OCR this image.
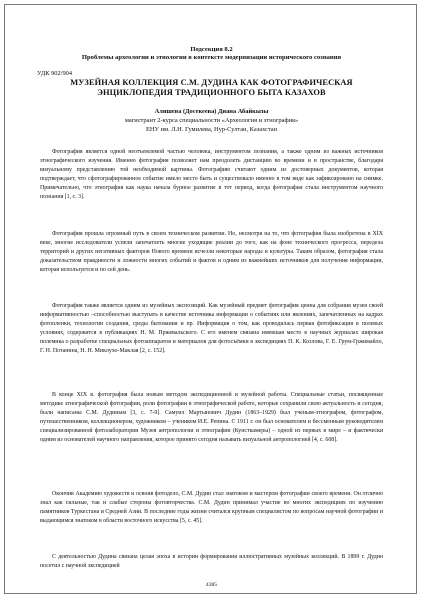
Подсекция 8.2
Проблемы археологии и этнологии в контексте модернизации исторического сознания
УДК 902/904
МУЗЕЙНАЯ КОЛЛЕКЦИЯ С.М. ДУДИНА КАК ФОТОГРАФИЧЕСКАЯ
ЭНЦИКЛОПЕДИЯ ТРАДИЦИОННОГО БЫТА КАЗАХОВ
Алишева (Досекеева) Диана Абайкызы
магистрант 2-курса специальности «Археология и этнография»
ЕНУ им. Л.Н. Гумилева, Нур-Султан, Казахстан

Фотография является одной неотъемлемой частью человека, инструментом познания, а также одним из важных источников этнографического изучения. Именно фотография позволяет нам преодолеть дистанцию во времени и в пространстве, благодаря визуальному представлению той необходимой картины. Фотографию считают одним из достоверных документов, которая подтверждает, что сфотографированное событие имело место быть и существовало именно в том виде как зафиксировано на снимке. Примечательно, что этнография как наука начала бурное развитие в тот период, когда фотография стала инструментом научного познания [1, с. 3].

Фотография прошла огромный путь в своем техническом развитии. Но, несмотря на то, что фотография была изобретена в XIX веке, многие исследователи успели запечатлеть многие уходящие реалии до того, как на фоне технического прогресса, передела территорий и других негативных факторов Нового времени исчезли некоторые народы и культуры. Таким образом, фотография стала доказательством правдивости и ложности многих событий и фактов и одним из важнейших источников для получения информации, которая используется и по сей день.

Фотография также является одним из музейных экспозиций. Как музейный предмет фотография ценна для собрания музея своей информативностью –способностью выступать в качестве источника информации о событиях или явлениях, запечатленных на кадрах фотопленки, технологии создания, среды бытования и пр. Информация о том, как проводилась первая фотофиксация в полевых условиях, содержится в публикациях Н. М. Пржевальского. С его именем связана имевшая место в научных журналах широкая полемика о разработке специальных фотоаппаратов и материалов для фотосъёмки в экспедициях П. К. Козлова, Г. Е. Грум-Гржимайло, Г. Н. Потанина, Н. Н. Миклухо-Маклая [2, с. 152].

В конце XIX в. фотография была новым методом экспедиционной и музейной работы. Специальные статьи, посвященные методике этнографической фотографии, роли фотографии в этнографической работе, которые сохранили свою актуальность и сегодня, были написаны С.М. Дудиным [3, с. 7-9]. Самуил Мартынович Дудин (1863–1929) был ученым-этнографом, фотографом, путешественником, коллекционером, художником – учеником И.Е. Репина. С 1911 г. он был основателем и бессменным руководителем специализированной фотолаборатории Музея антропологии и этнографии (Кунсткамеры) – одной из первых в мире – и фактически одним из основателей научного направления, которое принято сегодня называть визуальной антропологией [4, с. 608].

Окончив Академию художеств и освоив фотодело, С.М. Дудин стал знатоком и мастером фотографии своего времени. Он отлично знал как сильные, так и слабые стороны фотовторчества. С.М. Дудин принимал участие во многих экспедициях по изучению памятников Туркестана и Средней Азии. В последние годы жизни считался крупным специалистом по вопросам научной фотографии и выдающимся знатоком в области восточного искусства [5, с. 45].

С деятельностью Дудина связана целая эпоха в истории формирования иллюстративных музейных коллекций. В 1899 г. Дудин посетил с научной экспедицией

4385
